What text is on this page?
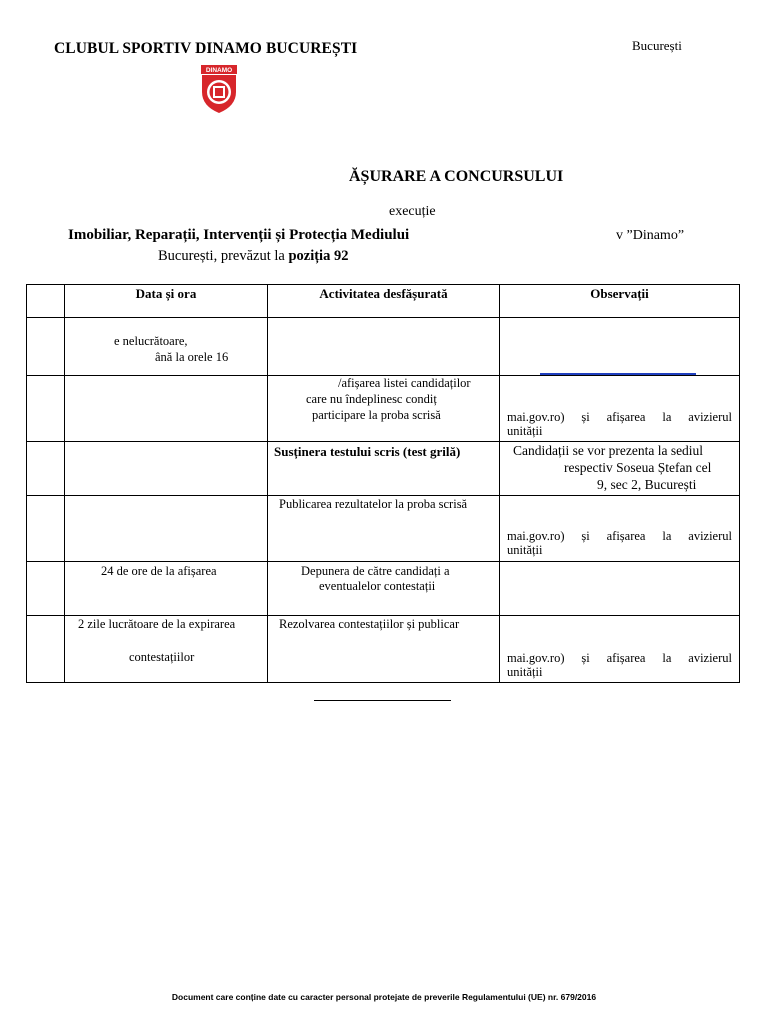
CLUBUL SPORTIV DINAMO BUCUREȘTI	București
DINAMO
ĂȘURARE A CONCURSULUI
execuție
Imobiliar, Reparații, Intervenții și Protecția Mediului	v ”Dinamo”
București, prevăzut la poziția 92
	Data și ora	Activitatea desfășurată	Observații

	e nelucrătoare,
ână la orele 16		

		/afișarea listei candidaților
care nu îndeplinesc condiț
participare la proba scrisă	mai.gov.ro) și afișarea la avizierul
unității

		Susținera testului scris (test grilă)	Candidații se vor prezenta la sediul
respectiv Soseua Ștefan cel
9, sec 2, București

		Publicarea rezultatelor la proba scrisă	mai.gov.ro) și afișarea la avizierul
unității

	24 de ore de la afișarea	Depunera de către candidați a
eventualelor contestații	

	2 zile lucrătoare de la expirarea
contestațiilor	Rezolvarea contestațiilor și publicar	mai.gov.ro) și afișarea la avizierul
unității
Document care conține date cu caracter personal protejate de preverile Regulamentului (UE) nr. 679/2016
